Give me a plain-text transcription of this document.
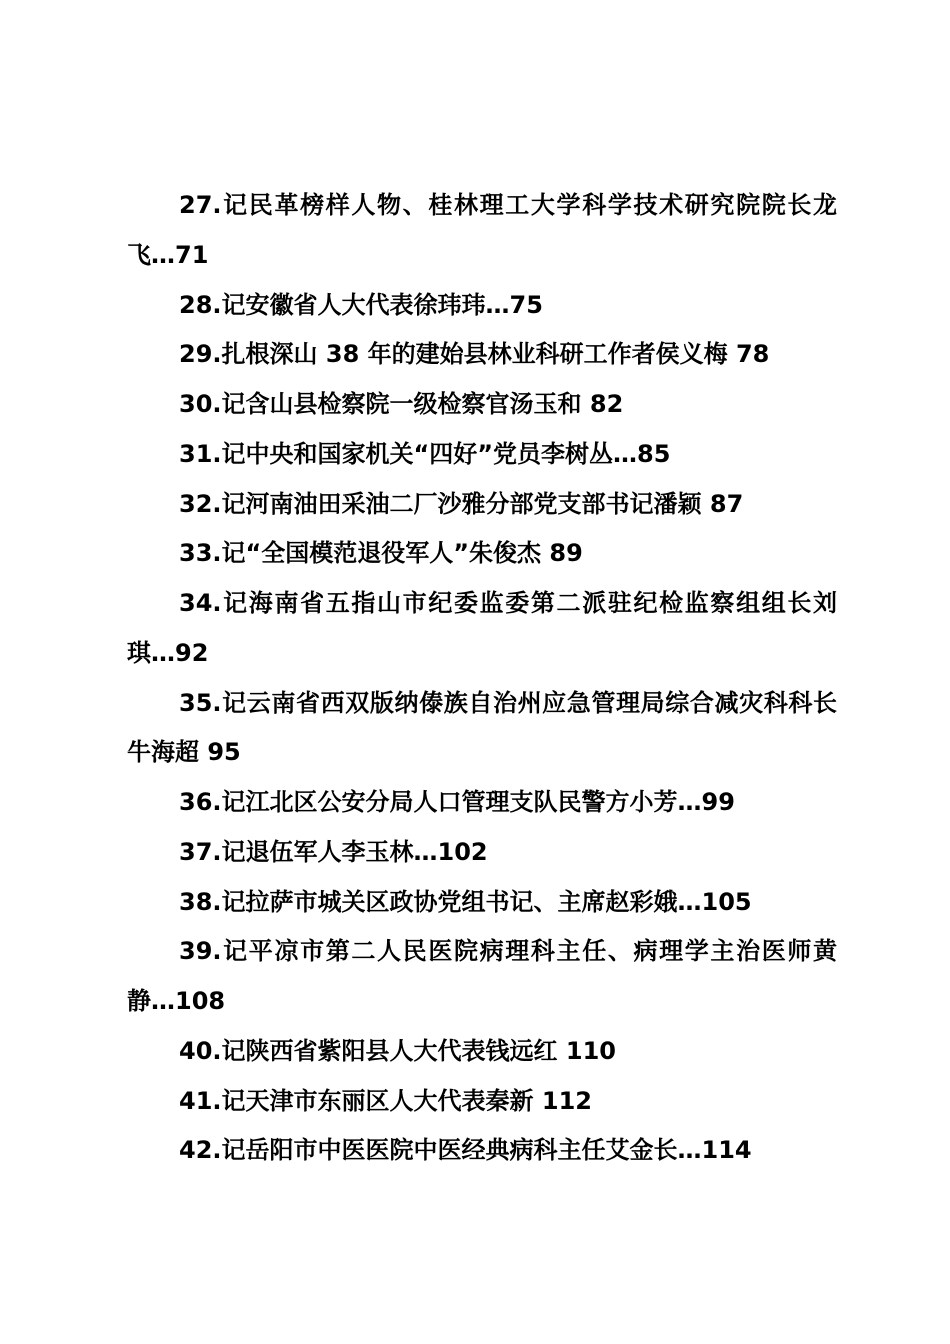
27.记民革榜样人物、桂林理工大学科学技术研究院院长龙飞…71

28.记安徽省人大代表徐玮玮…75

29.扎根深山 38 年的建始县林业科研工作者侯义梅 78

30.记含山县检察院一级检察官汤玉和 82

31.记中央和国家机关“四好”党员李树丛…85

32.记河南油田采油二厂沙雅分部党支部书记潘颖 87

33.记“全国模范退役军人”朱俊杰 89

34.记海南省五指山市纪委监委第二派驻纪检监察组组长刘琪…92

35.记云南省西双版纳傣族自治州应急管理局综合减灾科科长牛海超 95

36.记江北区公安分局人口管理支队民警方小芳…99

37.记退伍军人李玉林…102

38.记拉萨市城关区政协党组书记、主席赵彩娥…105

39.记平凉市第二人民医院病理科主任、病理学主治医师黄静…108

40.记陕西省紫阳县人大代表钱远红 110

41.记天津市东丽区人大代表秦新 112

42.记岳阳市中医医院中医经典病科主任艾金长…114
